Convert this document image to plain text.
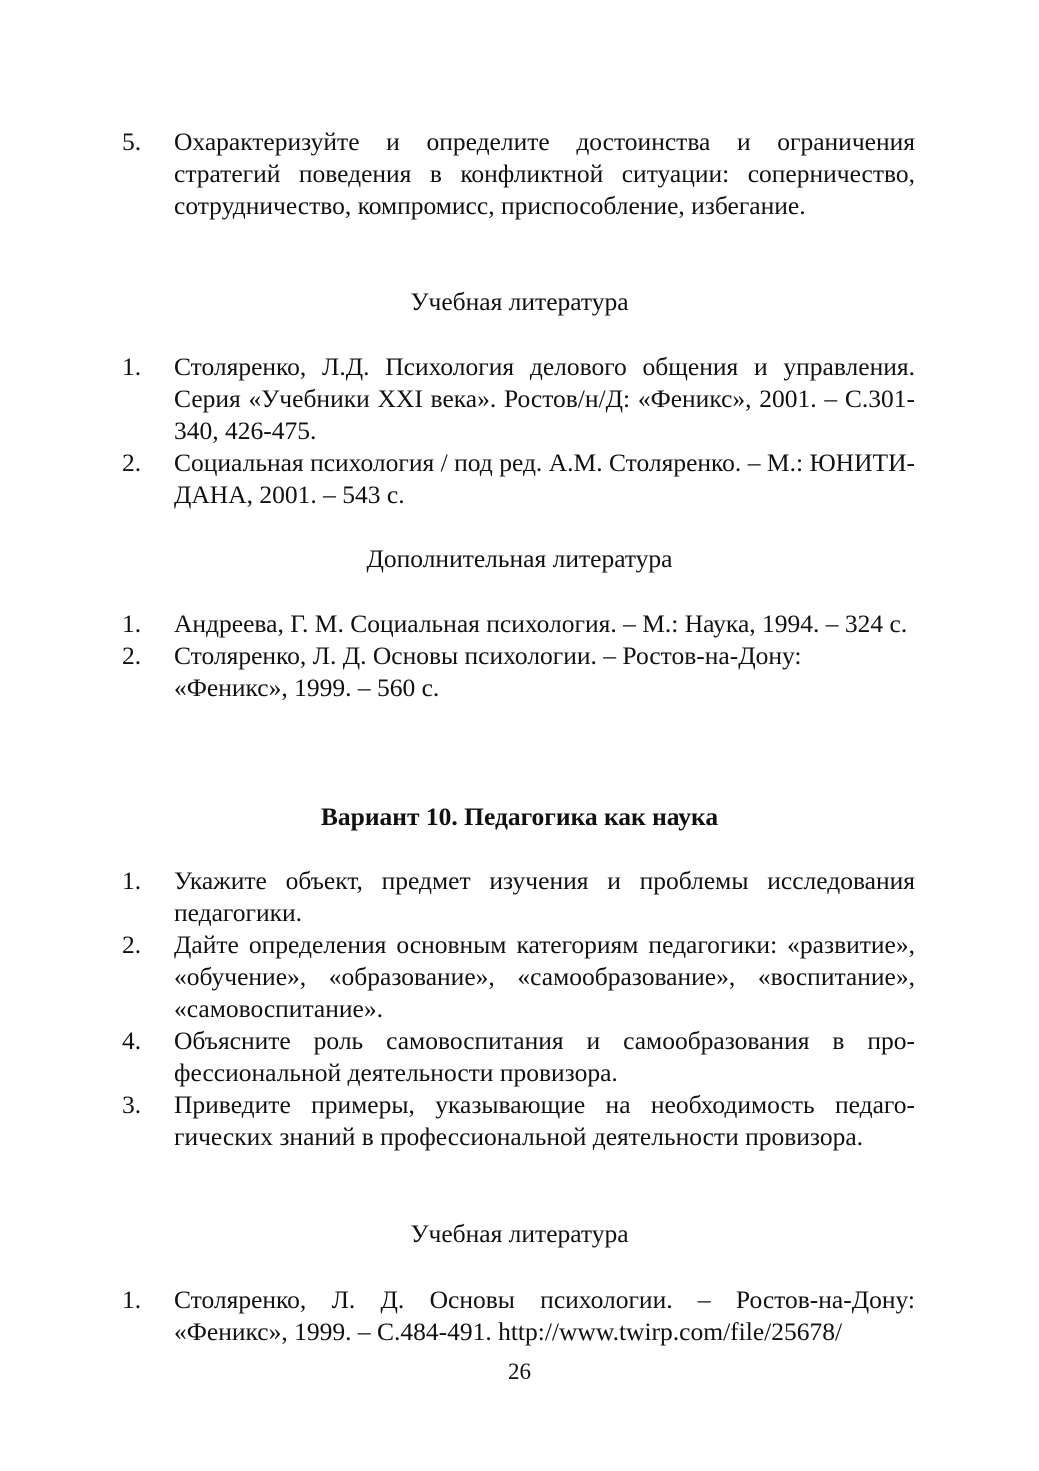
5.	Охарактеризуйте и определите достоинства и ограничения стратегий поведения в конфликтной ситуации: соперничество, сотрудничество, компромисс, приспособление, избегание.
Учебная литература
1.	Столяренко, Л.Д. Психология делового общения и управления. Серия «Учебники XXI века». Ростов/н/Д: «Феникс», 2001. – С.301-340, 426-475.
2.	Социальная психология / под ред. А.М. Столяренко. – М.: ЮНИТИ-ДАНА, 2001. – 543 с.
Дополнительная литература
1.	Андреева, Г. М. Социальная психология. – М.: Наука, 1994. – 324 с.
2.	Столяренко, Л. Д. Основы психологии. – Ростов-на-Дону: «Феникс», 1999. – 560 с.
Вариант 10. Педагогика как наука
1.	Укажите объект, предмет изучения и проблемы исследования педагогики.
2.	Дайте определения основным категориям педагогики: «развитие», «обучение», «образование», «самообразование», «воспитание», «самовоспитание».
4.	Объясните роль самовоспитания и самообразования в профессиональной деятельности провизора.
3.	Приведите примеры, указывающие на необходимость педагогических знаний в профессиональной деятельности провизора.
Учебная литература
1.	Столяренко, Л. Д. Основы психологии. – Ростов-на-Дону: «Феникс», 1999. – С.484-491. http://www.twirp.com/file/25678/
26
